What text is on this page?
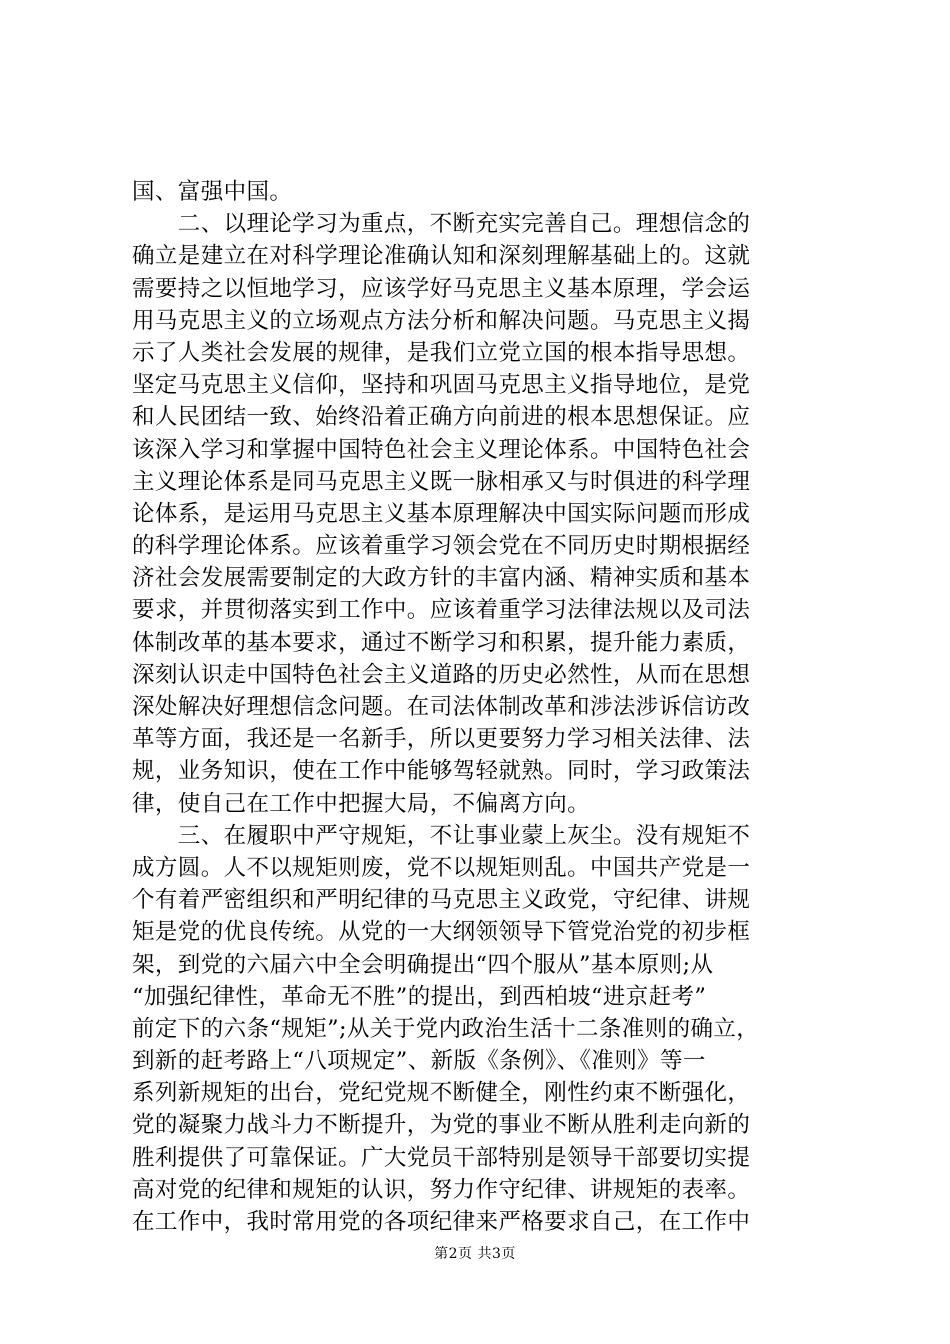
国、富强中国。
　　二、以理论学习为重点，不断充实完善自己。理想信念的
确立是建立在对科学理论准确认知和深刻理解基础上的。这就
需要持之以恒地学习，应该学好马克思主义基本原理，学会运
用马克思主义的立场观点方法分析和解决问题。马克思主义揭
示了人类社会发展的规律，是我们立党立国的根本指导思想。
坚定马克思主义信仰，坚持和巩固马克思主义指导地位，是党
和人民团结一致、始终沿着正确方向前进的根本思想保证。应
该深入学习和掌握中国特色社会主义理论体系。中国特色社会
主义理论体系是同马克思主义既一脉相承又与时俱进的科学理
论体系，是运用马克思主义基本原理解决中国实际问题而形成
的科学理论体系。应该着重学习领会党在不同历史时期根据经
济社会发展需要制定的大政方针的丰富内涵、精神实质和基本
要求，并贯彻落实到工作中。应该着重学习法律法规以及司法
体制改革的基本要求，通过不断学习和积累，提升能力素质，
深刻认识走中国特色社会主义道路的历史必然性，从而在思想
深处解决好理想信念问题。在司法体制改革和涉法涉诉信访改
革等方面，我还是一名新手，所以更要努力学习相关法律、法
规，业务知识，使在工作中能够驾轻就熟。同时，学习政策法
律，使自己在工作中把握大局，不偏离方向。
　　三、在履职中严守规矩，不让事业蒙上灰尘。没有规矩不
成方圆。人不以规矩则废，党不以规矩则乱。中国共产党是一
个有着严密组织和严明纪律的马克思主义政党，守纪律、讲规
矩是党的优良传统。从党的一大纲领领导下管党治党的初步框
架，到党的六届六中全会明确提出“四个服从”基本原则;从
“加强纪律性，革命无不胜”的提出，到西柏坡“进京赶考”
前定下的六条“规矩”;从关于党内政治生活十二条准则的确立，
到新的赶考路上“八项规定”、新版《条例》、《准则》等一
系列新规矩的出台，党纪党规不断健全，刚性约束不断强化，
党的凝聚力战斗力不断提升，为党的事业不断从胜利走向新的
胜利提供了可靠保证。广大党员干部特别是领导干部要切实提
高对党的纪律和规矩的认识，努力作守纪律、讲规矩的表率。
在工作中，我时常用党的各项纪律来严格要求自己，在工作中
第2页 共3页
